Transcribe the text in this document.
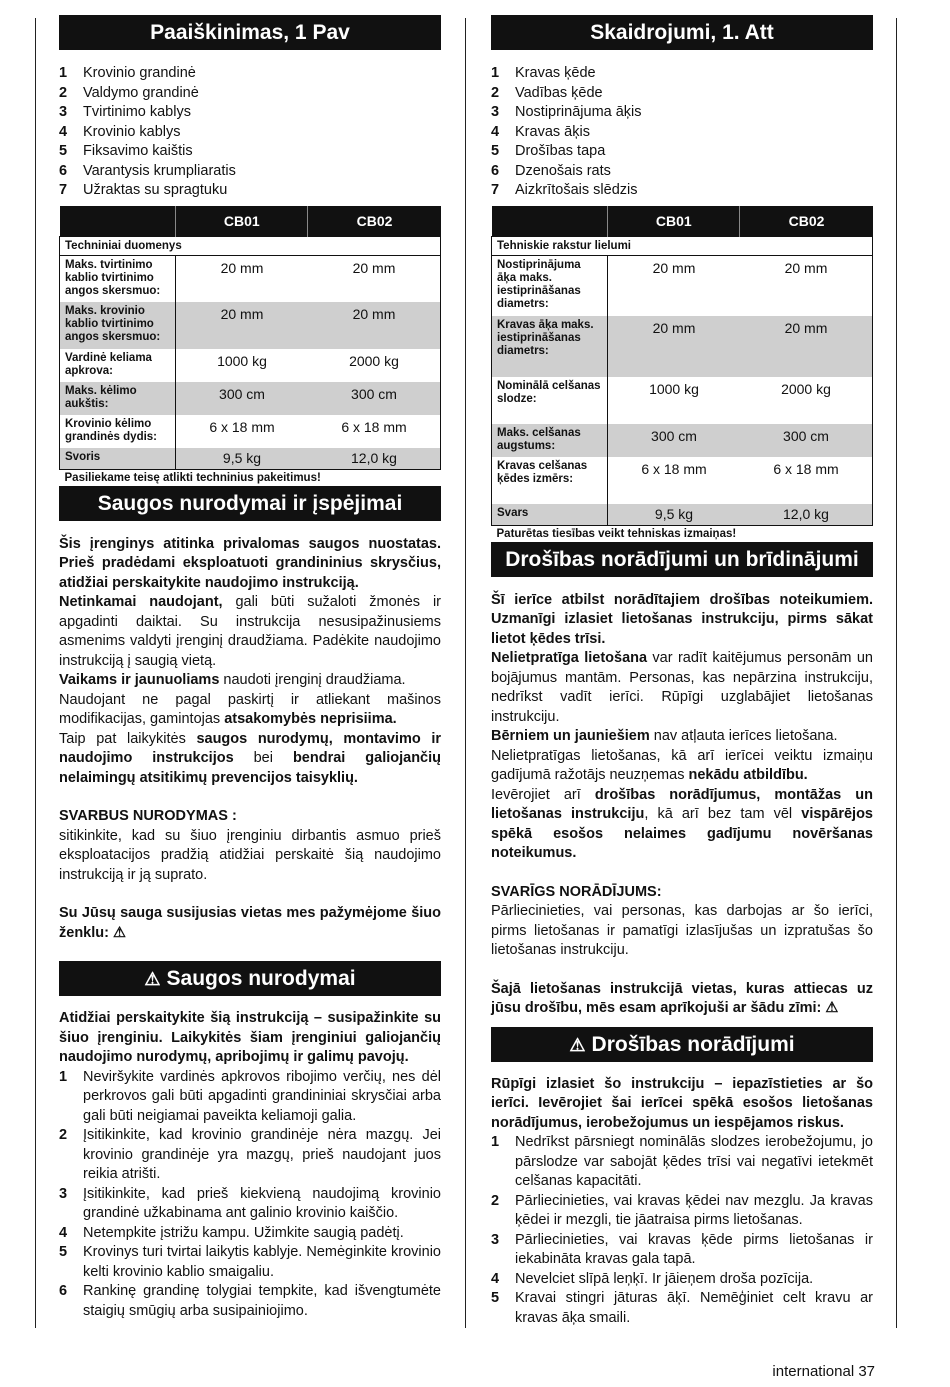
Paaiškinimas, 1 Pav
1	Krovinio grandinė
2	Valdymo grandinė
3	Tvirtinimo kablys
4	Krovinio kablys
5	Fiksavimo kaištis
6	Varantysis krumpliaratis
7	Užraktas su spragtuku
	CB01	CB02
Techniniai duomenys		
Maks. tvirtinimo kablio tvirtinimo angos skersmuo:	20 mm	20 mm
Maks. krovinio kablio tvirtinimo angos skersmuo:	20 mm	20 mm
Vardinė keliama apkrova:	1000 kg	2000 kg
Maks. kėlimo aukštis:	300 cm	300 cm
Krovinio kėlimo grandinės dydis:	6 x 18 mm	6 x 18 mm
Svoris	9,5 kg	12,0 kg
Pasiliekame teisę atlikti techninius pakeitimus!		
Saugos nurodymai ir įspėjimai

Šis įrenginys atitinka privalomas saugos nuostatas. Prieš pradėdami eksploatuoti grandininius skrysčius, atidžiai perskaitykite naudojimo instrukciją.

Netinkamai naudojant, gali būti sužaloti žmonės ir apgadinti daiktai. Su instrukcija nesusipažinusiems asmenims valdyti įrenginį draudžiama. Padėkite naudojimo instrukciją į saugią vietą.

Vaikams ir jaunuoliams naudoti įrenginį draudžiama.

Naudojant ne pagal paskirtį ir atliekant mašinos modifikacijas, gamintojas atsakomybės neprisiima.

Taip pat laikykitės saugos nurodymų, montavimo ir naudojimo instrukcijos bei bendrai galiojančių nelaimingų atsitikimų prevencijos taisyklių.

SVARBUS NURODYMAS :

sitikinkite, kad su šiuo įrenginiu dirbantis asmuo prieš eksploatacijos pradžią atidžiai perskaitė šią naudojimo instrukciją ir ją suprato.

Su Jūsų sauga susijusias vietas mes pažymėjome šiuo ženklu: ⚠

⚠ Saugos nurodymai

Atidžiai perskaitykite šią instrukciją – susipažinkite su šiuo įrenginiu. Laikykitės šiam įrenginiui galiojančių naudojimo nurodymų, apribojimų ir galimų pavojų.

1	Neviršykite vardinės apkrovos ribojimo verčių, nes dėl perkrovos gali būti apgadinti grandininiai skrysčiai arba gali būti neigiamai paveikta keliamoji galia.
2	Įsitikinkite, kad krovinio grandinėje nėra mazgų. Jei krovinio grandinėje yra mazgų, prieš naudojant juos reikia atrišti.
3	Įsitikinkite, kad prieš kiekvieną naudojimą krovinio grandinė užkabinama ant galinio krovinio kaiščio.
4	Netempkite įstrižu kampu. Užimkite saugią padėtį.
5	Krovinys turi tvirtai laikytis kablyje. Nemėginkite krovinio kelti krovinio kablio smaigaliu.
6	Rankinę grandinę tolygiai tempkite, kad išvengtumėte staigių smūgių arba susipainiojimo.
Skaidrojumi, 1. Att
1	Kravas ķēde
2	Vadības ķēde
3	Nostiprinājuma āķis
4	Kravas āķis
5	Drošības tapa
6	Dzenošais rats
7	Aizkrītošais slēdzis
	CB01	CB02
Tehniskie rakstur lielumi		
Nostiprinājuma āķa maks. iestiprināšanas diametrs:	20 mm	20 mm
Kravas āķa maks. iestiprināšanas diametrs:	20 mm	20 mm
Nominālā celšanas slodze:	1000 kg	2000 kg
Maks. celšanas augstums:	300 cm	300 cm
Kravas celšanas ķēdes izmērs:	6 x 18 mm	6 x 18 mm
Svars	9,5 kg	12,0 kg
Paturētas tiesības veikt tehniskas izmaiņas!		
Drošības norādījumi un brīdinājumi

Šī ierīce atbilst norādītajiem drošības noteikumiem. Uzmanīgi izlasiet lietošanas instrukciju, pirms sākat lietot ķēdes trīsi.

Nelietpratīga lietošana var radīt kaitējumus personām un bojājumus mantām. Personas, kas nepārzina instrukciju, nedrīkst vadīt ierīci. Rūpīgi uzglabājiet lietošanas instrukciju.

Bērniem un jauniešiem nav atļauta ierīces lietošana.

Nelietpratīgas lietošanas, kā arī ierīcei veiktu izmaiņu gadījumā ražotājs neuzņemas nekādu atbildību.

Ievērojiet arī drošības norādījumus, montāžas un lietošanas instrukciju, kā arī bez tam vēl vispārējos spēkā esošos nelaimes gadījumu novēršanas noteikumus.

SVARĪGS NORĀDĪJUMS:

Pārliecinieties, vai personas, kas darbojas ar šo ierīci, pirms lietošanas ir pamatīgi izlasījušas un izpratušas šo lietošanas instrukciju.

Šajā lietošanas instrukcijā vietas, kuras attiecas uz jūsu drošību, mēs esam aprīkojuši ar šādu zīmi: ⚠

⚠ Drošības norādījumi

Rūpīgi izlasiet šo instrukciju – iepazīstieties ar šo ierīci. Ievērojiet šai ierīcei spēkā esošos lietošanas norādījumus, ierobežojumus un iespējamos riskus.

1	Nedrīkst pārsniegt nominālās slodzes ierobežojumu, jo pārslodze var sabojāt ķēdes trīsi vai negatīvi ietekmēt celšanas kapacitāti.
2	Pārliecinieties, vai kravas ķēdei nav mezglu. Ja kravas ķēdei ir mezgli, tie jāatraisa pirms lietošanas.
3	Pārliecinieties, vai kravas ķēde pirms lietošanas ir iekabināta kravas gala tapā.
4	Nevelciet slīpā leņķī. Ir jāieņem droša pozīcija.
5	Kravai stingri jāturas āķī. Nemēģiniet celt kravu ar kravas āķa smaili.
international 37
